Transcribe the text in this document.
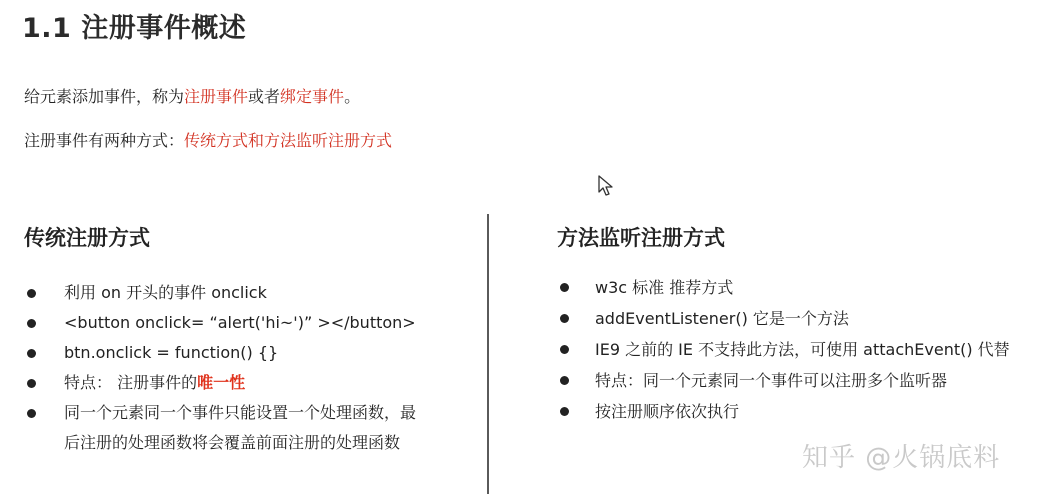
1.1 注册事件概述
给元素添加事件，称为注册事件或者绑定事件。
注册事件有两种方式：传统方式和方法监听注册方式
传统注册方式	方法监听注册方式
利用 on 开头的事件 onclick
<button onclick= “alert('hi~')” ></button>
btn.onclick = function() {}
特点： 注册事件的唯一性
同一个元素同一个事件只能设置一个处理函数，最
后注册的处理函数将会覆盖前面注册的处理函数
w3c 标准 推荐方式
addEventListener() 它是一个方法
IE9 之前的 IE 不支持此方法，可使用 attachEvent() 代替
特点：同一个元素同一个事件可以注册多个监听器
按注册顺序依次执行
知乎 @火锅底料
